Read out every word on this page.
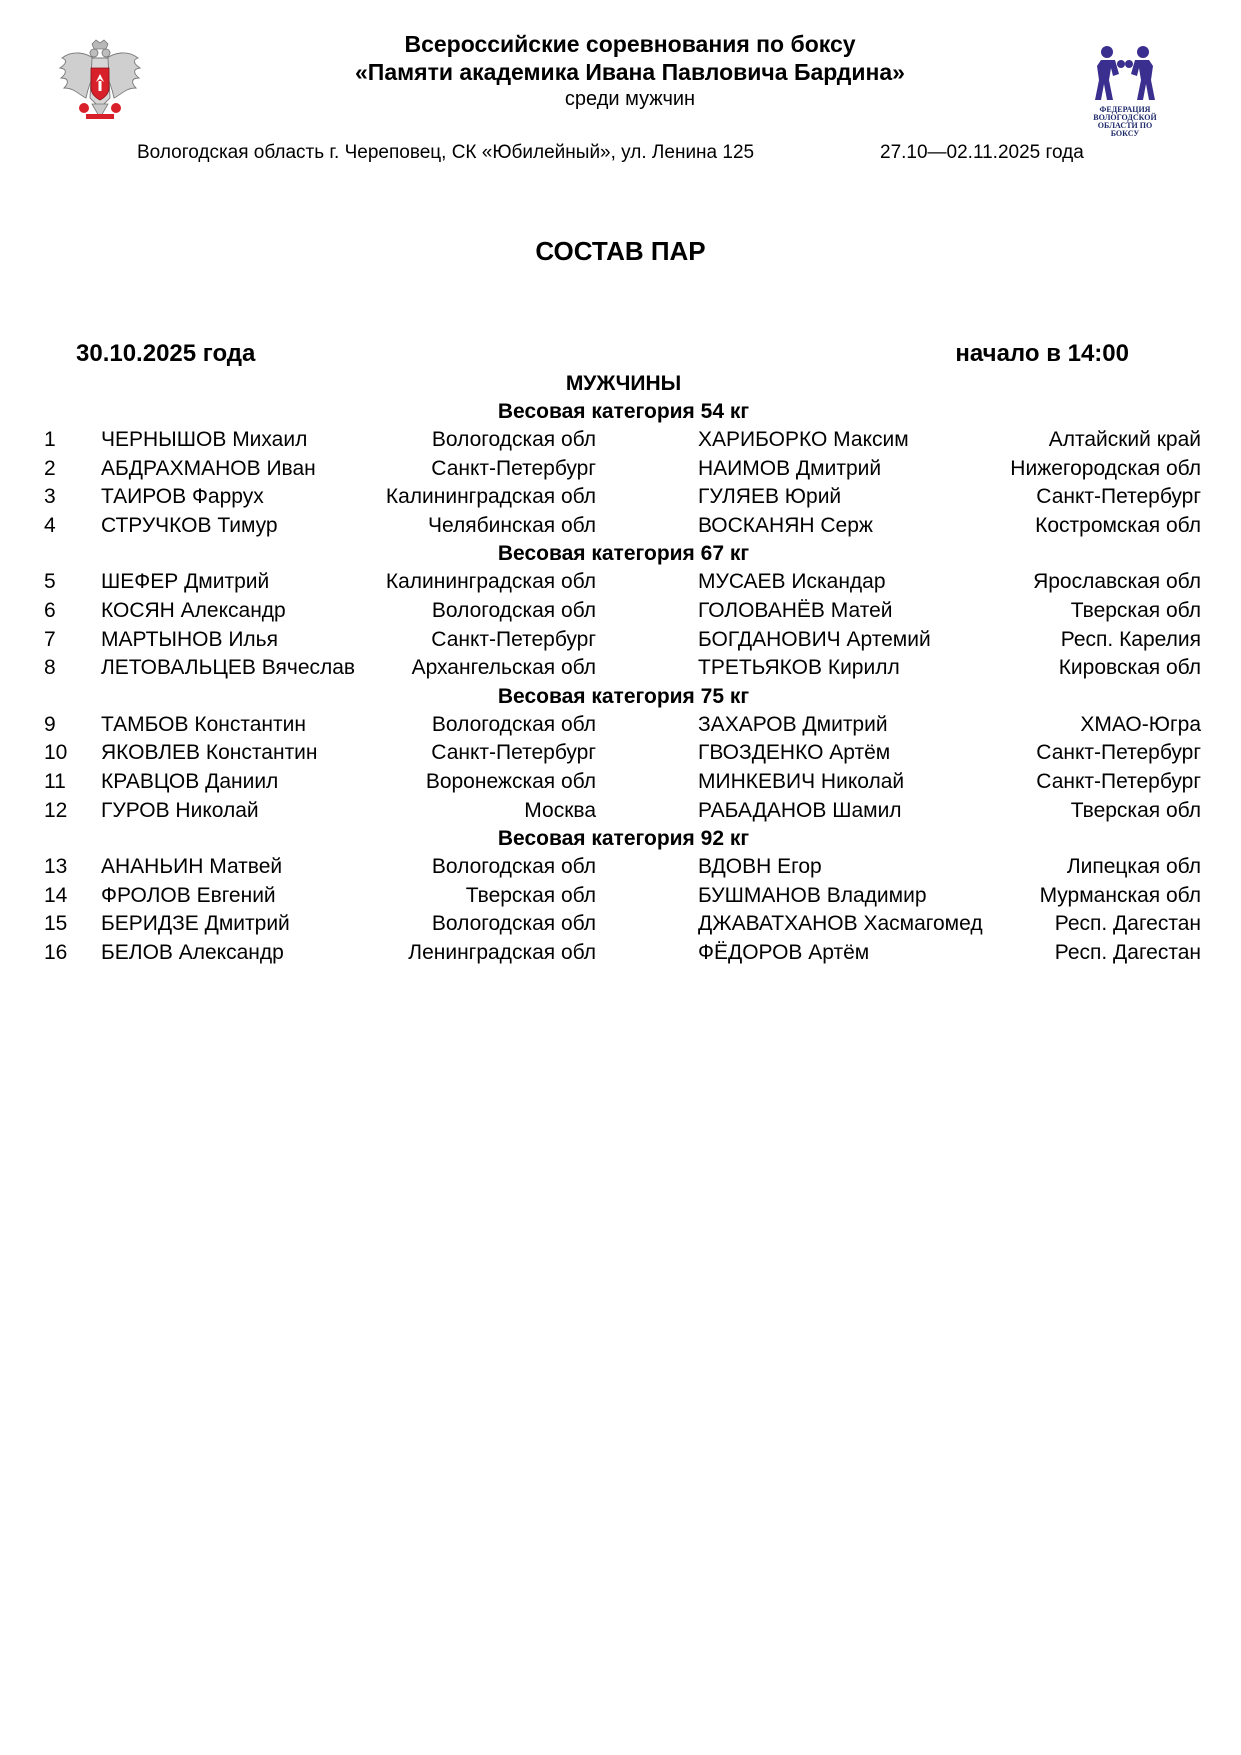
ФЕДЕРАЦИЯ ВОЛОГОДСКОЙ ОБЛАСТИ ПО БОКСУ
Всероссийские соревнования по боксу
«Памяти академика Ивана Павловича Бардина»
среди мужчин
Вологодская область г. Череповец, СК «Юбилейный», ул. Ленина 125	27.10—02.11.2025 года
СОСТАВ ПАР
30.10.2025 года	начало в 14:00
МУЖЧИНЫ
Весовая категория 54 кг
1 ЧЕРНЫШОВ Михаил	Вологодская обл	ХАРИБОРКО Максим	Алтайский край
2 АБДРАХМАНОВ Иван	Санкт-Петербург	НАИМОВ Дмитрий	Нижегородская обл
3 ТАИРОВ Фаррух	Калининградская обл	ГУЛЯЕВ Юрий	Санкт-Петербург
4 СТРУЧКОВ Тимур	Челябинская обл	ВОСКАНЯН Серж	Костромская обл
Весовая категория 67 кг
5 ШЕФЕР Дмитрий	Калининградская обл	МУСАЕВ Искандар	Ярославская обл
6 КОСЯН Александр	Вологодская обл	ГОЛОВАНЁВ Матей	Тверская обл
7 МАРТЫНОВ Илья	Санкт-Петербург	БОГДАНОВИЧ Артемий	Респ. Карелия
8 ЛЕТОВАЛЬЦЕВ Вячеслав	Архангельская обл	ТРЕТЬЯКОВ Кирилл	Кировская обл
Весовая категория 75 кг
9 ТАМБОВ Константин	Вологодская обл	ЗАХАРОВ Дмитрий	ХМАО-Югра
10 ЯКОВЛЕВ Константин	Санкт-Петербург	ГВОЗДЕНКО Артём	Санкт-Петербург
11 КРАВЦОВ Даниил	Воронежская обл	МИНКЕВИЧ Николай	Санкт-Петербург
12 ГУРОВ Николай	Москва	РАБАДАНОВ Шамил	Тверская обл
Весовая категория 92 кг
13 АНАНЬИН Матвей	Вологодская обл	ВДОВН Егор	Липецкая обл
14 ФРОЛОВ Евгений	Тверская обл	БУШМАНОВ Владимир	Мурманская обл
15 БЕРИДЗЕ Дмитрий	Вологодская обл	ДЖАВАТХАНОВ Хасмагомед	Респ. Дагестан
16 БЕЛОВ Александр	Ленинградская обл	ФЁДОРОВ Артём	Респ. Дагестан
